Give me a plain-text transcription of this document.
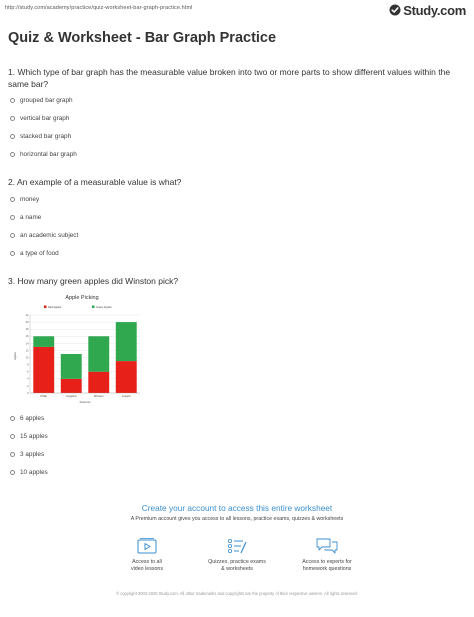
http://study.com/academy/practice/quiz-worksheet-bar-graph-practice.html	Study.com
Quiz & Worksheet - Bar Graph Practice
1. Which type of bar graph has the measurable value broken into two or more parts to show different values within the same bar?
grouped bar graph
vertical bar graph
stacked bar graph
horizontal bar graph
2. An example of a measurable value is what?
money
a name
an academic subject
a type of food
3. How many green apples did Winston pick?
Apple Picking
Red Apples	Green Apples
0
2
4
6
8
10
12
14
16
18
20
22
Philip	Angelina	Winston	Joseph
Apples
Students
6 apples
15 apples
3 apples
10 apples
Create your account to access this entire worksheet
A Premium account gives you access to all lessons, practice exams, quizzes & worksheets
Access to all
video lessons
Quizzes, practice exams
& worksheets
Access to experts for
homework questions
© copyright 2003-2020 Study.com. All other trademarks and copyrights are the property of their respective owners. All rights reserved.
